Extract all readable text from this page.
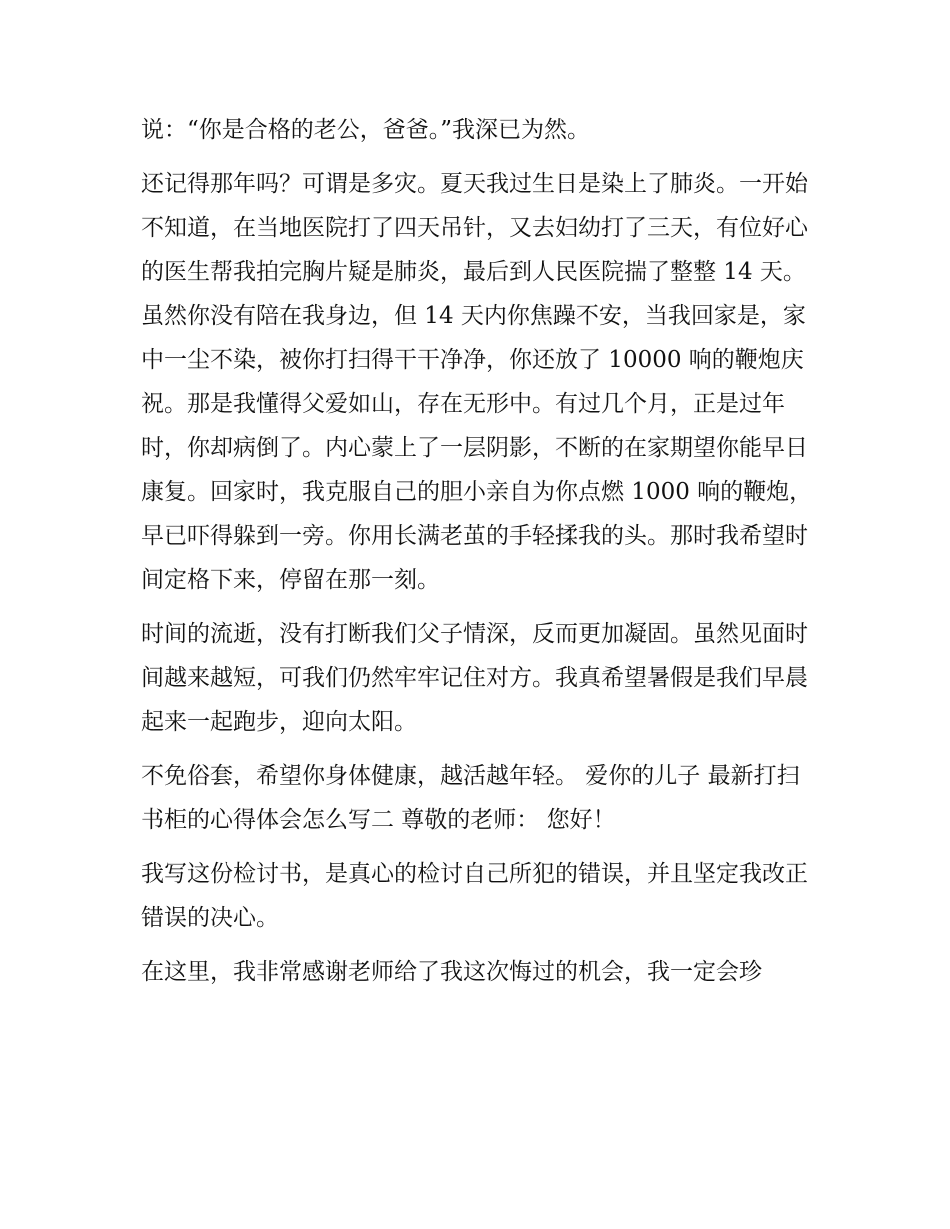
说：“你是合格的老公，爸爸。”我深已为然。

还记得那年吗？可谓是多灾。夏天我过生日是染上了肺炎。一开始不知道，在当地医院打了四天吊针，又去妇幼打了三天，有位好心的医生帮我拍完胸片疑是肺炎，最后到人民医院揣了整整 14 天。虽然你没有陪在我身边，但 14 天内你焦躁不安，当我回家是，家中一尘不染，被你打扫得干干净净，你还放了 10000 响的鞭炮庆祝。那是我懂得父爱如山，存在无形中。有过几个月，正是过年时，你却病倒了。内心蒙上了一层阴影，不断的在家期望你能早日康复。回家时，我克服自己的胆小亲自为你点燃 1000 响的鞭炮，早已吓得躲到一旁。你用长满老茧的手轻揉我的头。那时我希望时间定格下来，停留在那一刻。

时间的流逝，没有打断我们父子情深，反而更加凝固。虽然见面时间越来越短，可我们仍然牢牢记住对方。我真希望暑假是我们早晨起来一起跑步，迎向太阳。

不免俗套，希望你身体健康，越活越年轻。 爱你的儿子 最新打扫书柜的心得体会怎么写二 尊敬的老师： 您好！

我写这份检讨书，是真心的检讨自己所犯的错误，并且坚定我改正错误的决心。

在这里，我非常感谢老师给了我这次悔过的机会，我一定会珍
